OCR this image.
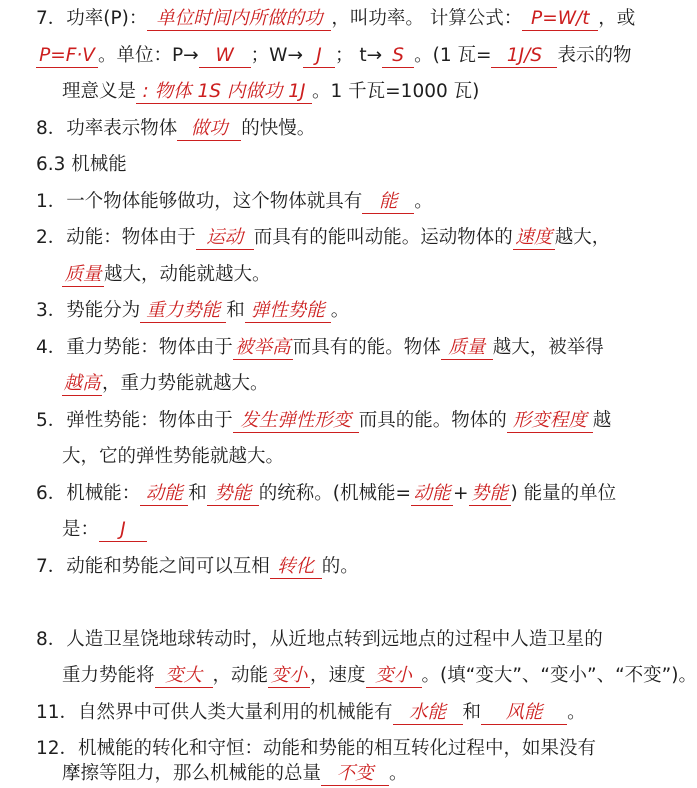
7．功率(P)： 单位时间内所做的功 ，叫功率。 计算公式： P=W/t ，或
P=F·V 。单位：P→ W ；W→ J ； t→ S 。(1 瓦= 1J/S 表示的物
理意义是 : 物体 1S 内做功 1J 。1 千瓦=1000 瓦)
8．功率表示物体 做功 的快慢。
6.3 机械能
1．一个物体能够做功，这个物体就具有 能 。
2．动能：物体由于 运动 而具有的能叫动能。运动物体的 速度 越大，
质量 越大，动能就越大。
3．势能分为 重力势能 和 弹性势能 。
4．重力势能：物体由于 被举高 而具有的能。物体 质量 越大，被举得
越高，重力势能就越大。
5．弹性势能：物体由于 发生弹性形变 而具的能。物体的 形变程度 越
大，它的弹性势能就越大。
6．机械能： 动能 和 势能 的统称。(机械能= 动能 + 势能 ) 能量的单位
是： J
7．动能和势能之间可以互相 转化 的。
8．人造卫星饶地球转动时，从近地点转到远地点的过程中人造卫星的
重力势能将 变大 ，动能 变小 ，速度 变小 。(填“变大”、“变小”、“不变”)。
11．自然界中可供人类大量利用的机械能有 水能 和 风能 。
12．机械能的转化和守恒：动能和势能的相互转化过程中，如果没有
摩擦等阻力，那么机械能的总量 不变 。
